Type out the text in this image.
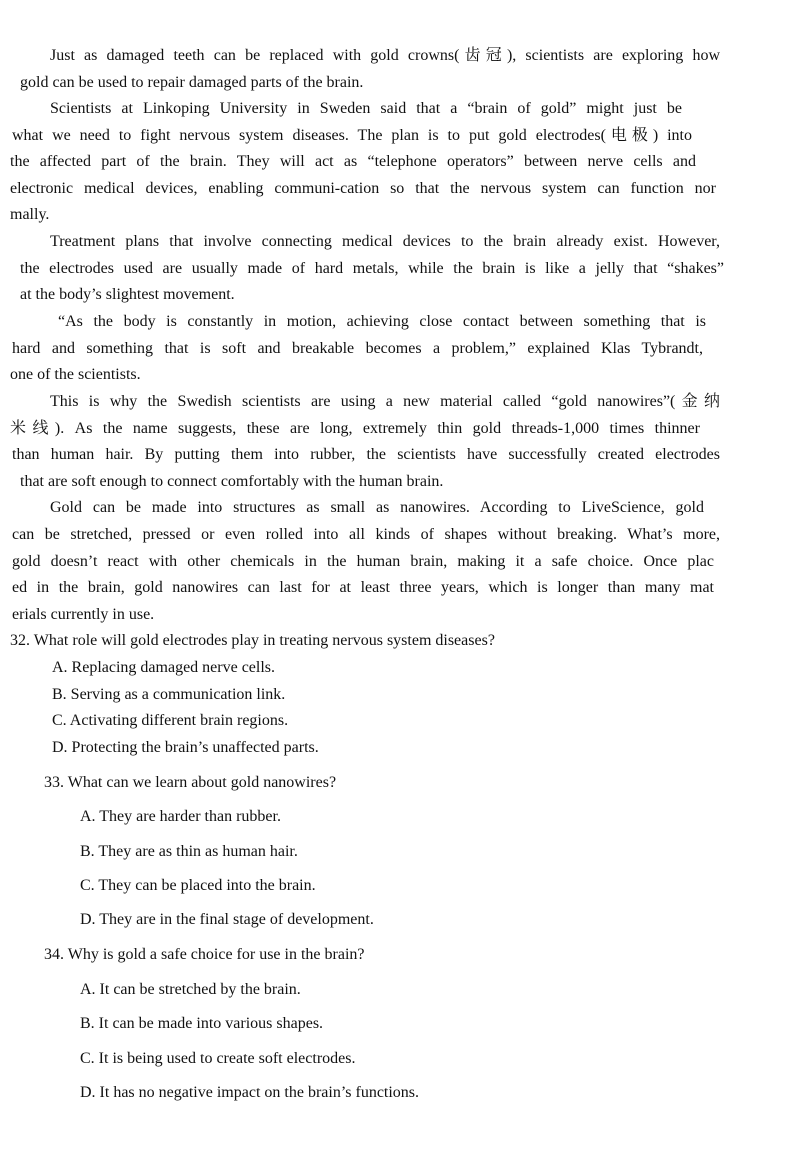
Just as damaged teeth can be replaced with gold crowns(齿冠), scientists are exploring how
gold can be used to repair damaged parts of the brain.
Scientists at Linkoping University in Sweden said that a “brain of gold” might just be
what we need to fight nervous system diseases. The plan is to put gold electrodes(电极) into
the affected part of the brain. They will act as “telephone operators” between nerve cells and
electronic medical devices, enabling communi-cation so that the nervous system can function nor
mally.
Treatment plans that involve connecting medical devices to the brain already exist. However,
the electrodes used are usually made of hard metals, while the brain is like a jelly that “shakes”
at the body’s slightest movement.
“As the body is constantly in motion, achieving close contact between something that is
hard and something that is soft and breakable becomes a problem,” explained Klas Tybrandt,
one of the scientists.
This is why the Swedish scientists are using a new material called “gold nanowires”(金纳
米线). As the name suggests, these are long, extremely thin gold threads-1,000 times thinner
than human hair. By putting them into rubber, the scientists have successfully created electrodes
that are soft enough to connect comfortably with the human brain.
Gold can be made into structures as small as nanowires. According to LiveScience, gold
can be stretched, pressed or even rolled into all kinds of shapes without breaking. What’s more,
gold doesn’t react with other chemicals in the human brain, making it a safe choice. Once plac
ed in the brain, gold nanowires can last for at least three years, which is longer than many mat
erials currently in use.
32. What role will gold electrodes play in treating nervous system diseases?
A. Replacing damaged nerve cells.
B. Serving as a communication link.
C. Activating different brain regions.
D. Protecting the brain’s unaffected parts.
33. What can we learn about gold nanowires?
A. They are harder than rubber.
B. They are as thin as human hair.
C. They can be placed into the brain.
D. They are in the final stage of development.
34. Why is gold a safe choice for use in the brain?
A. It can be stretched by the brain.
B. It can be made into various shapes.
C. It is being used to create soft electrodes.
D. It has no negative impact on the brain’s functions.
